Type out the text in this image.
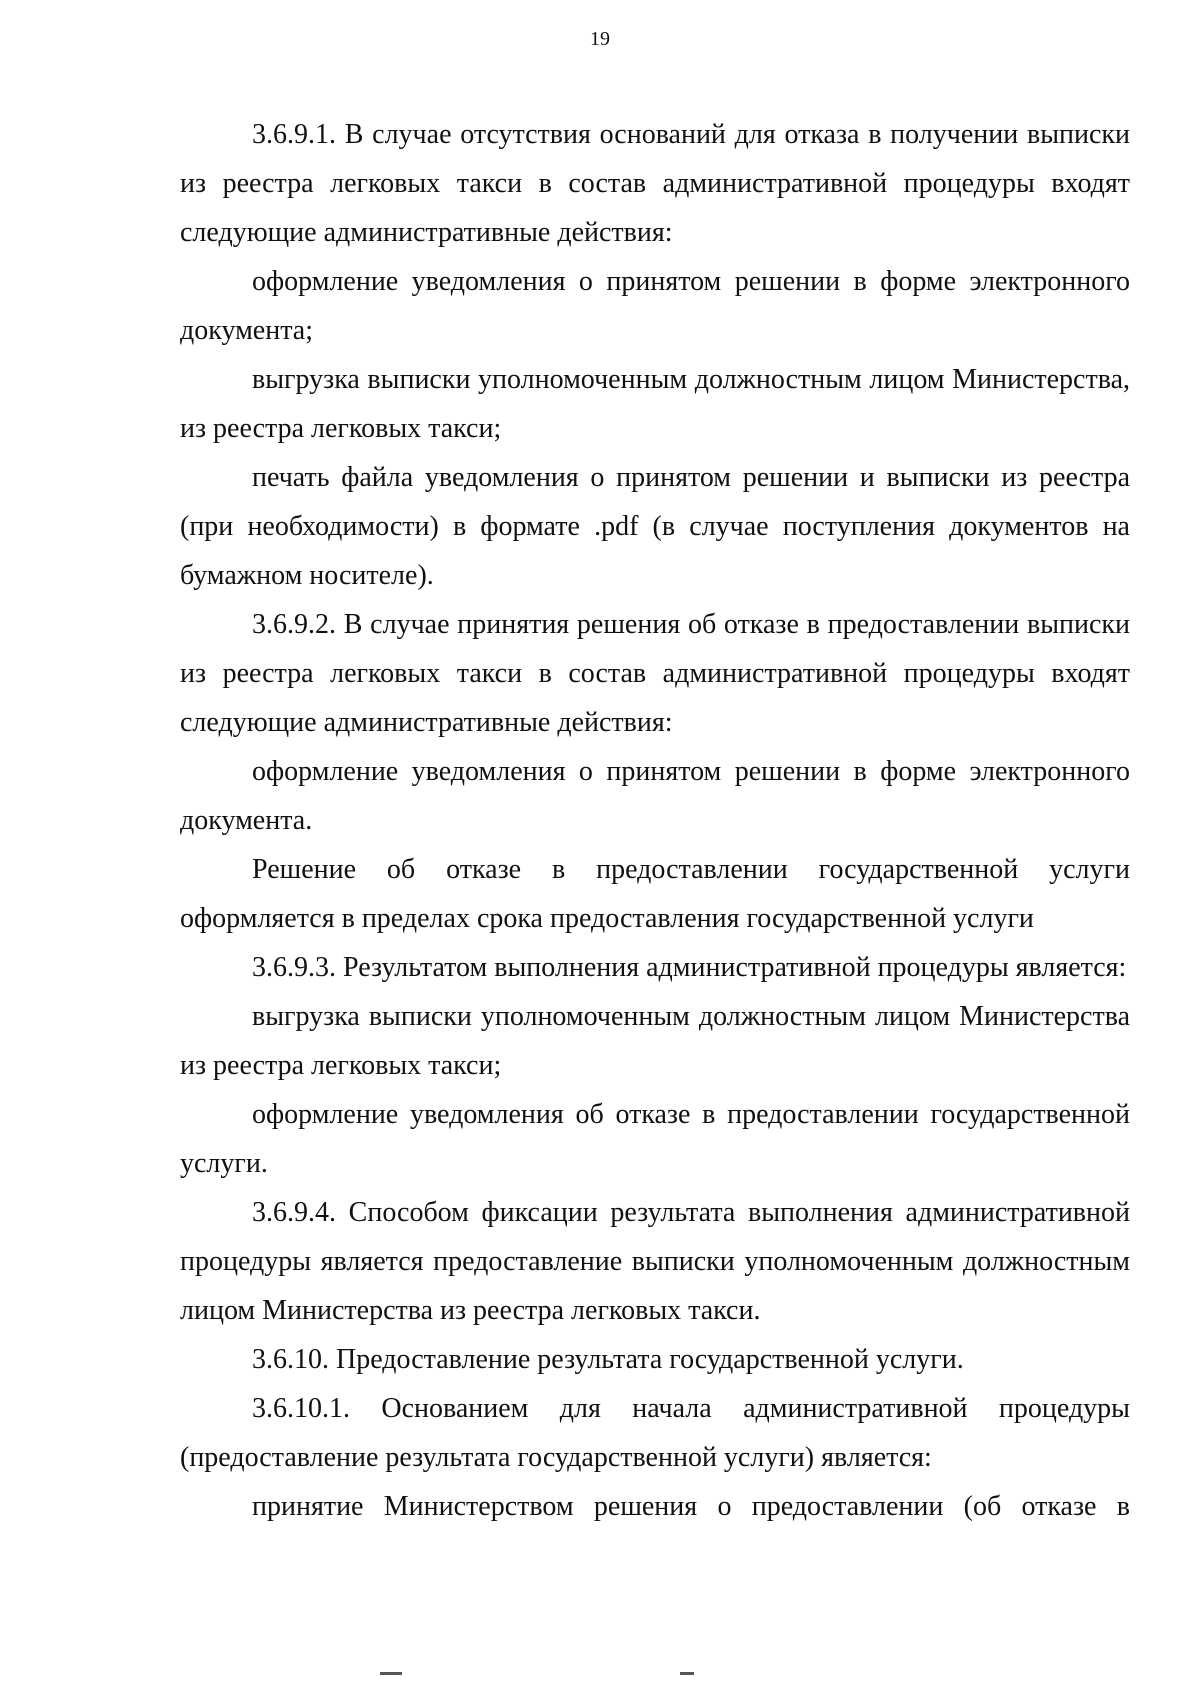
19

3.6.9.1. В случае отсутствия оснований для отказа в получении выписки из реестра легковых такси в состав административной процедуры входят следующие административные действия:

оформление уведомления о принятом решении в форме электронного документа;

выгрузка выписки уполномоченным должностным лицом Министерства, из реестра легковых такси;

печать файла уведомления о принятом решении и выписки из реестра (при необходимости) в формате .pdf (в случае поступления документов на бумажном носителе).

3.6.9.2. В случае принятия решения об отказе в предоставлении выписки из реестра легковых такси в состав административной процедуры входят следующие административные действия:

оформление уведомления о принятом решении в форме электронного документа.

Решение об отказе в предоставлении государственной услуги оформляется в пределах срока предоставления государственной услуги

3.6.9.3. Результатом выполнения административной процедуры является:

выгрузка выписки уполномоченным должностным лицом Министерства из реестра легковых такси;

оформление уведомления об отказе в предоставлении государственной услуги.

3.6.9.4. Способом фиксации результата выполнения административной процедуры является предоставление выписки уполномоченным должностным лицом Министерства из реестра легковых такси.

3.6.10. Предоставление результата государственной услуги.

3.6.10.1. Основанием для начала административной процедуры (предоставление результата государственной услуги) является:

принятие Министерством решения о предоставлении (об отказе в
